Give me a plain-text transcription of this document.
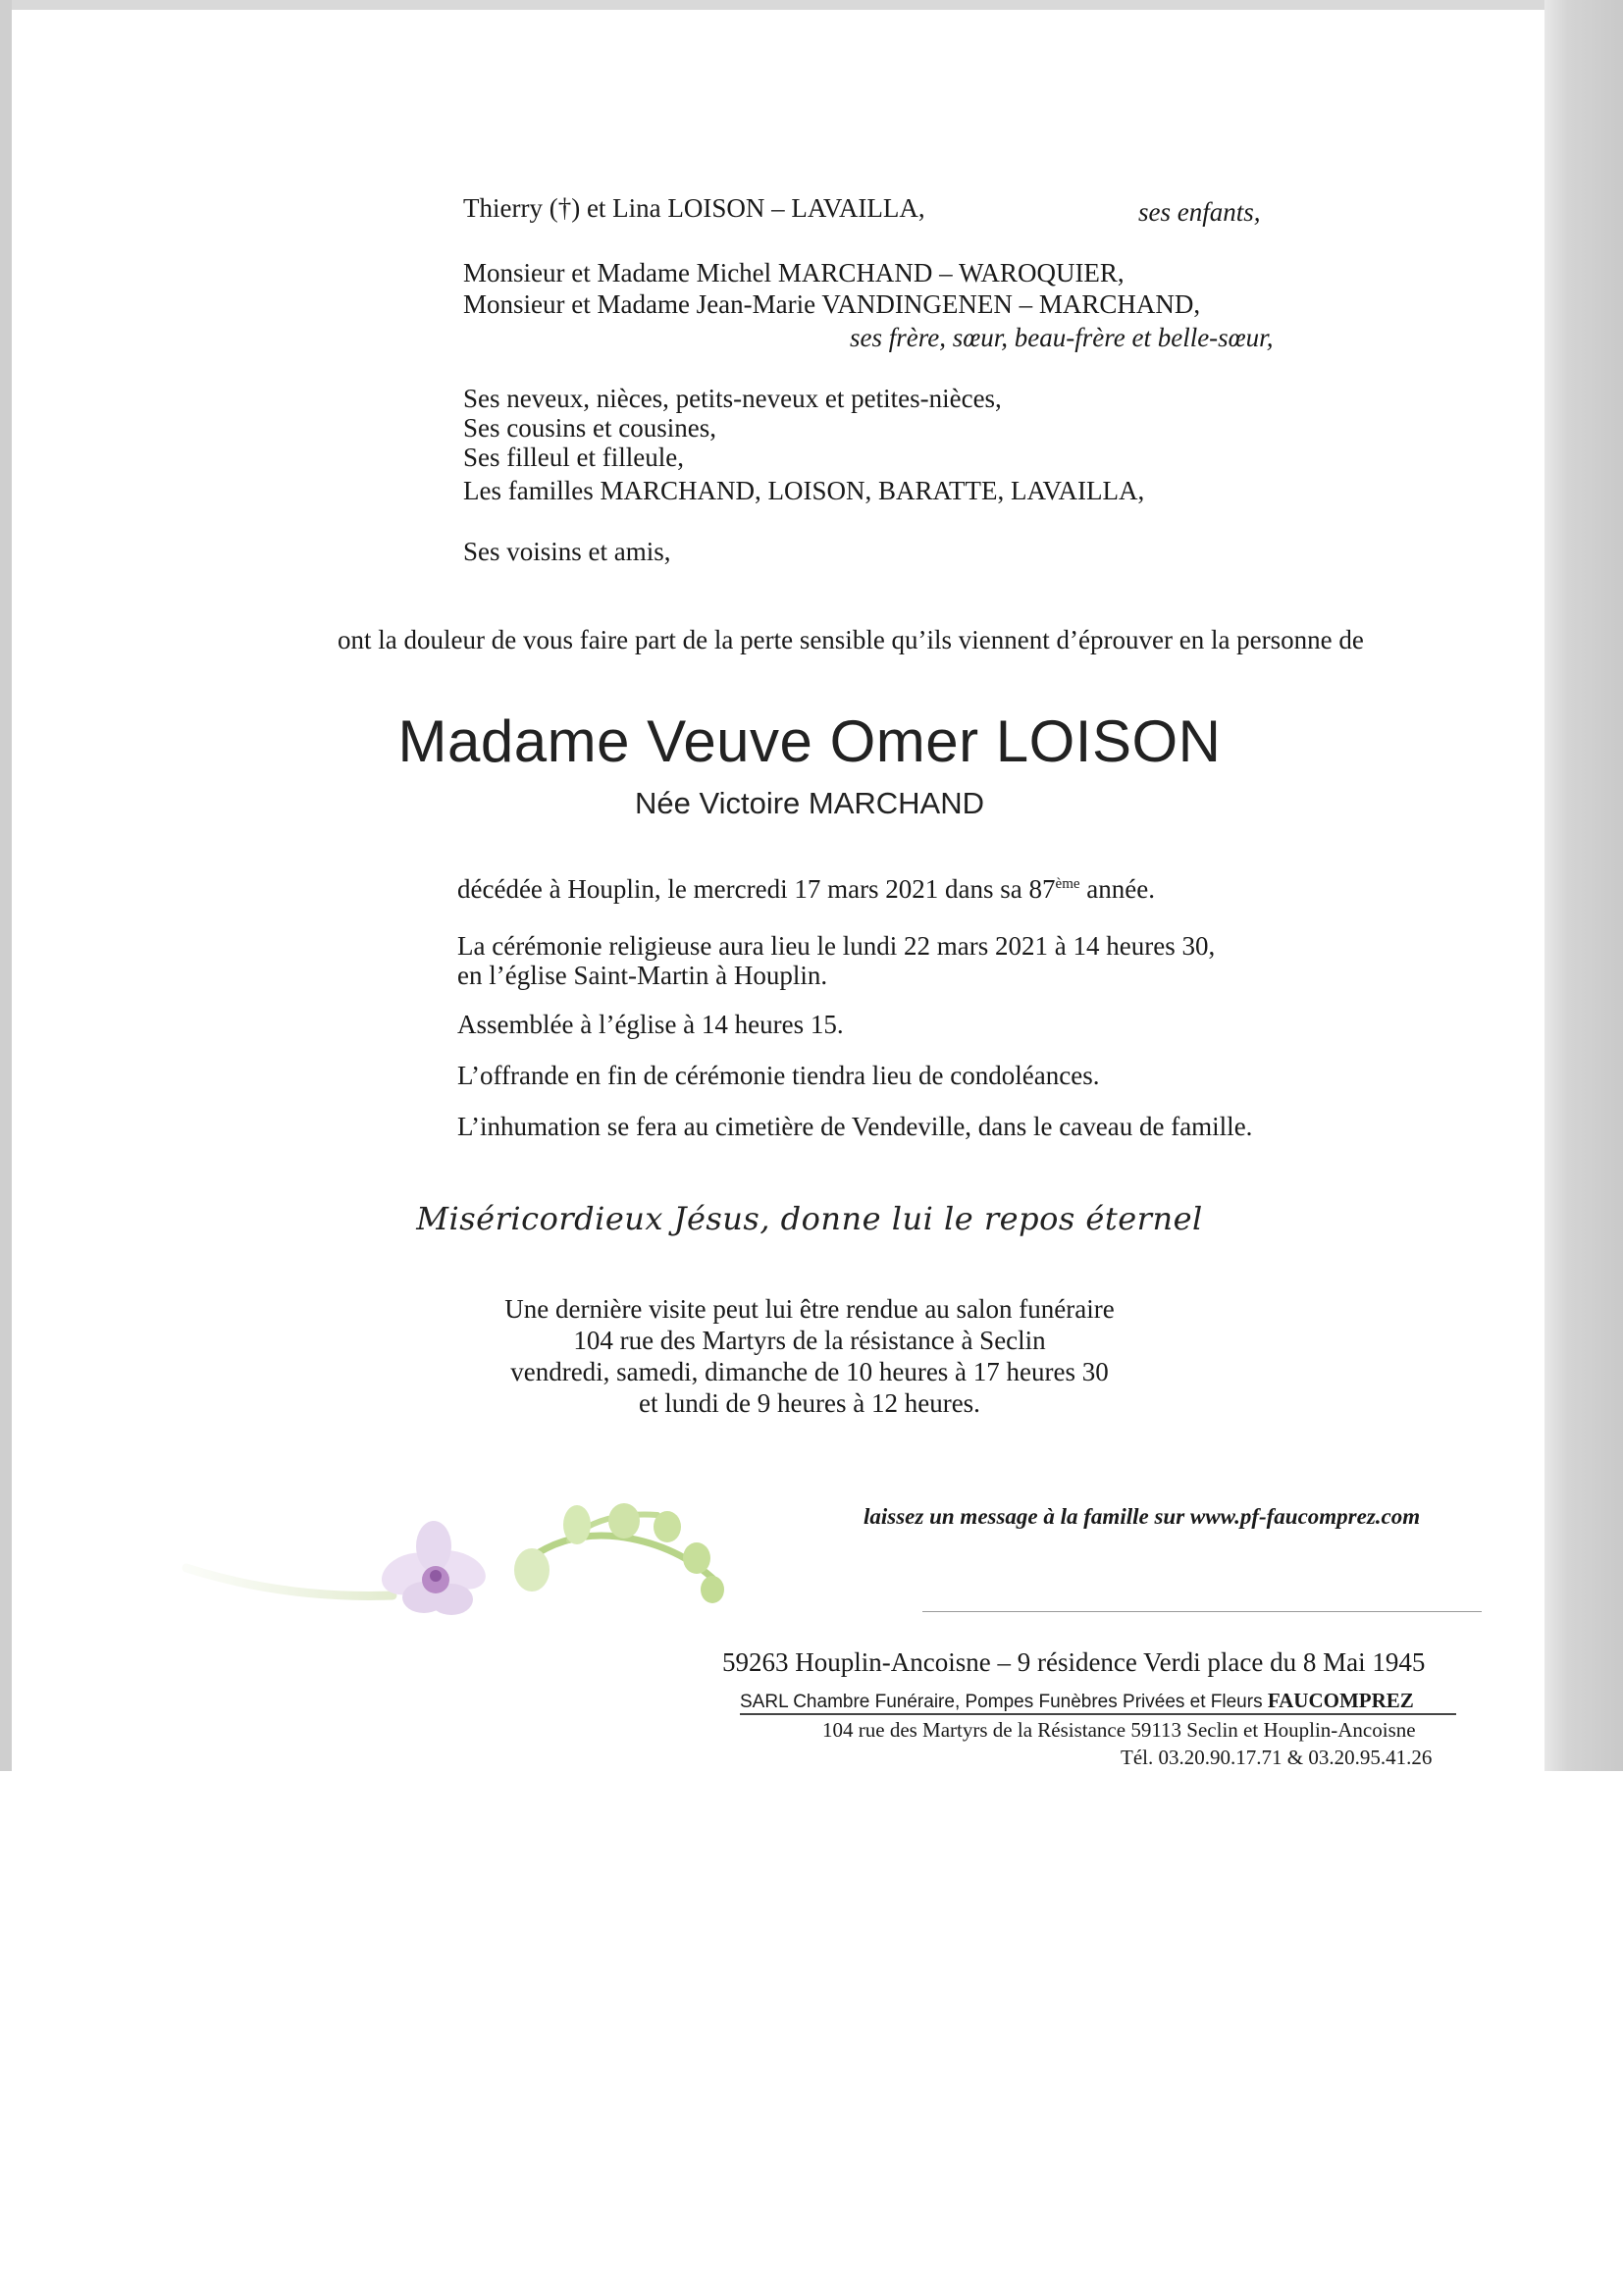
Thierry (†) et Lina LOISON – LAVAILLA,	ses enfants,
Monsieur et Madame Michel MARCHAND – WAROQUIER,
Monsieur et Madame Jean-Marie VANDINGENEN – MARCHAND,
ses frère, sœur, beau-frère et belle-sœur,
Ses neveux, nièces, petits-neveux et petites-nièces,
Ses cousins et cousines,
Ses filleul et filleule,
Les familles MARCHAND, LOISON, BARATTE, LAVAILLA,
Ses voisins et amis,
ont la douleur de vous faire part de la perte sensible qu’ils viennent d’éprouver en la personne de
Madame Veuve Omer LOISON
Née Victoire MARCHAND
décédée à Houplin, le mercredi 17 mars 2021 dans sa 87ème année.
La cérémonie religieuse aura lieu le lundi 22 mars 2021 à 14 heures 30,
en l’église Saint-Martin à Houplin.
Assemblée à l’église à 14 heures 15.
L’offrande en fin de cérémonie tiendra lieu de condoléances.
L’inhumation se fera au cimetière de Vendeville, dans le caveau de famille.
Miséricordieux Jésus, donne lui le repos éternel
Une dernière visite peut lui être rendue au salon funéraire
104 rue des Martyrs de la résistance à Seclin
vendredi, samedi, dimanche de 10 heures à 17 heures 30
et lundi de 9 heures à 12 heures.
laissez un message à la famille sur www.pf-faucomprez.com
59263 Houplin-Ancoisne – 9 résidence Verdi place du 8 Mai 1945
SARL Chambre Funéraire, Pompes Funèbres Privées et Fleurs FAUCOMPREZ
104 rue des Martyrs de la Résistance 59113 Seclin et Houplin-Ancoisne
Tél. 03.20.90.17.71 & 03.20.95.41.26
